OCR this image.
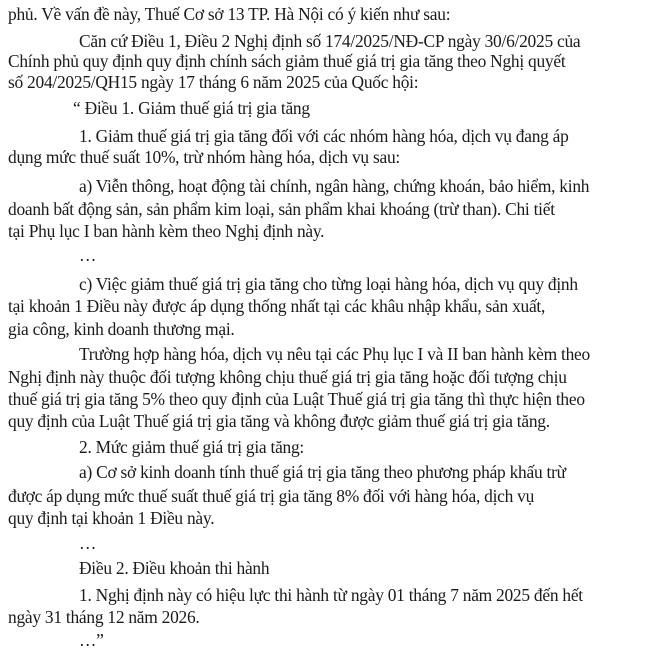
phủ. Về vấn đề này, Thuế Cơ sở 13 TP. Hà Nội có ý kiến như sau:
Căn cứ Điều 1, Điều 2 Nghị định số 174/2025/NĐ-CP ngày 30/6/2025 của
Chính phủ quy định quy định chính sách giảm thuế giá trị gia tăng theo Nghị quyết
số 204/2025/QH15 ngày 17 tháng 6 năm 2025 của Quốc hội:
“ Điều 1. Giảm thuế giá trị gia tăng
1. Giảm thuế giá trị gia tăng đối với các nhóm hàng hóa, dịch vụ đang áp
dụng mức thuế suất 10%, trừ nhóm hàng hóa, dịch vụ sau:
a) Viễn thông, hoạt động tài chính, ngân hàng, chứng khoán, bảo hiểm, kinh
doanh bất động sản, sản phẩm kim loại, sản phẩm khai khoáng (trừ than). Chi tiết
tại Phụ lục I ban hành kèm theo Nghị định này.
…
c) Việc giảm thuế giá trị gia tăng cho từng loại hàng hóa, dịch vụ quy định
tại khoản 1 Điều này được áp dụng thống nhất tại các khâu nhập khẩu, sản xuất,
gia công, kinh doanh thương mại.
Trường hợp hàng hóa, dịch vụ nêu tại các Phụ lục I và II ban hành kèm theo
Nghị định này thuộc đối tượng không chịu thuế giá trị gia tăng hoặc đối tượng chịu
thuế giá trị gia tăng 5% theo quy định của Luật Thuế giá trị gia tăng thì thực hiện theo
quy định của Luật Thuế giá trị gia tăng và không được giảm thuế giá trị gia tăng.
2. Mức giảm thuế giá trị gia tăng:
a) Cơ sở kinh doanh tính thuế giá trị gia tăng theo phương pháp khấu trừ
được áp dụng mức thuế suất thuế giá trị gia tăng 8% đối với hàng hóa, dịch vụ
quy định tại khoản 1 Điều này.
…
Điều 2. Điều khoản thi hành
1. Nghị định này có hiệu lực thi hành từ ngày 01 tháng 7 năm 2025 đến hết
ngày 31 tháng 12 năm 2026.
…”
